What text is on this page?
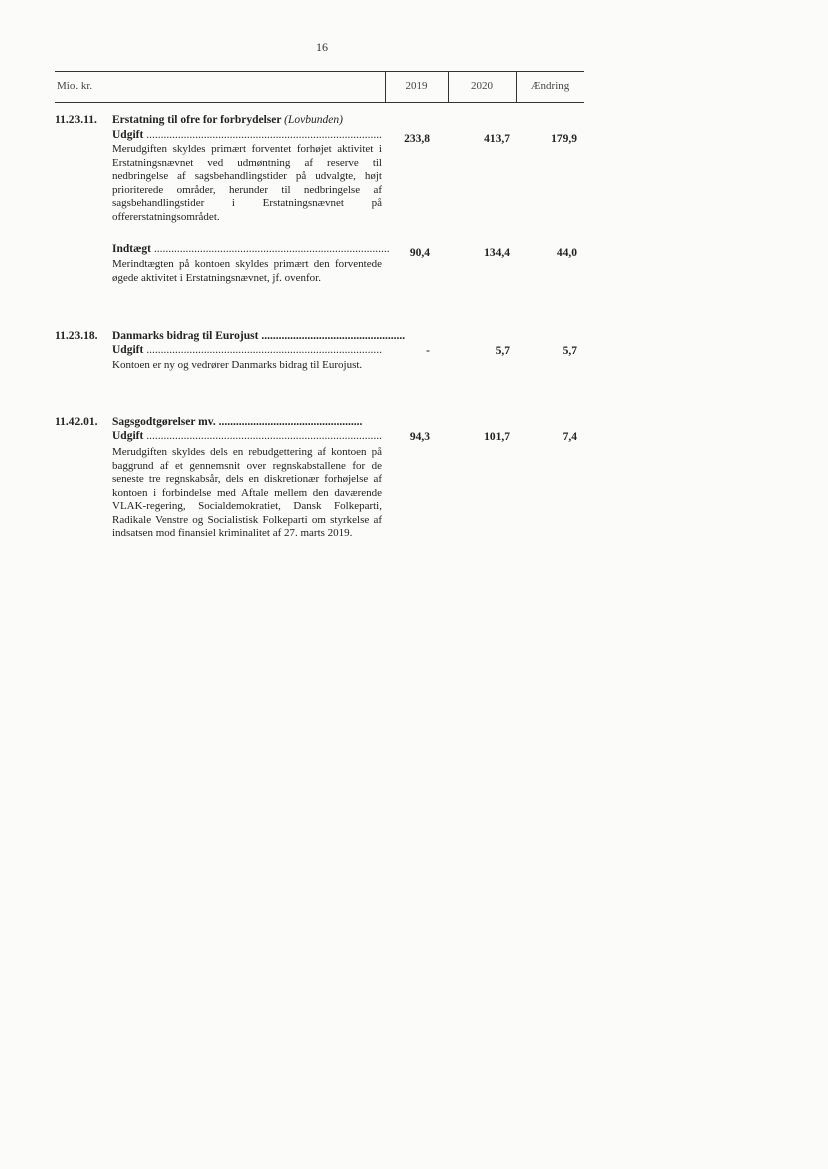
16
Mio. kr.	2019	2020	Ændring
11.23.11. Erstatning til ofre for forbrydelser (Lovbunden)
Udgift ..................................................................................	233,8	413,7	179,9
Merudgiften skyldes primært forventet forhøjet aktivitet i Erstatningsnævnet ved udmøntning af reserve til nedbringelse af sagsbehandlingstider på udvalgte, højt prioriterede områder, herunder til nedbringelse af sagsbehandlingstider i Erstatningsnævnet på offererstatningsområdet.
Indtægt ..................................................................................	90,4	134,4	44,0
Merindtægten på kontoen skyldes primært den forventede øgede aktivitet i Erstatningsnævnet, jf. ovenfor.
11.23.18. Danmarks bidrag til Eurojust ..................................................
Udgift ..................................................................................	-	5,7	5,7
Kontoen er ny og vedrører Danmarks bidrag til Eurojust.
11.42.01. Sagsgodtgørelser mv. ..................................................
Udgift ..................................................................................	94,3	101,7	7,4
Merudgiften skyldes dels en rebudgettering af kontoen på baggrund af et gennemsnit over regnskabstallene for de seneste tre regnskabsår, dels en diskretionær forhøjelse af kontoen i forbindelse med Aftale mellem den daværende VLAK-regering, Socialdemokratiet, Dansk Folkeparti, Radikale Venstre og Socialistisk Folkeparti om styrkelse af indsatsen mod finansiel kriminalitet af 27. marts 2019.
